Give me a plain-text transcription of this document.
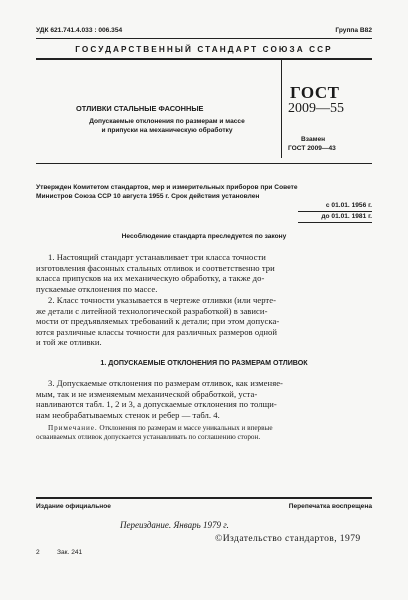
УДК 621.741.4.033 : 006.354	Группа В82
ГОСУДАРСТВЕННЫЙ СТАНДАРТ СОЮЗА ССР
ОТЛИВКИ СТАЛЬНЫЕ ФАСОННЫЕ
Допускаемые отклонения по размерам и массе
и припуски на механическую обработку
ГОСТ
2009—55
Взамен
ГОСТ 2009—43
Утвержден Комитетом стандартов, мер и измерительных приборов при Совете
Министров Союза ССР 10 августа 1955 г. Срок действия установлен
с 01.01. 1956 г.
до 01.01. 1981 г.
Несоблюдение стандарта преследуется по закону
1. Настоящий стандарт устанавливает три класса точности
изготовления фасонных стальных отливок и соответственно три
класса припусков на их механическую обработку, а также до-
пускаемые отклонения по массе.
2. Класс точности указывается в чертеже отливки (или черте-
же детали с литейной технологической разработкой) в зависи-
мости от предъявляемых требований к детали; при этом допуска-
ются различные классы точности для различных размеров одной
и той же отливки.
1. ДОПУСКАЕМЫЕ ОТКЛОНЕНИЯ ПО РАЗМЕРАМ ОТЛИВОК
3. Допускаемые отклонения по размерам отливок, как изменяе-
мым, так и не изменяемым механической обработкой, уста-
навливаются табл. 1, 2 и 3, а допускаемые отклонения по толщи-
нам необрабатываемых стенок и ребер — табл. 4.
Примечание. Отклонения по размерам и массе уникальных и впервые
осваиваемых отливок допускается устанавливать по соглашению сторон.
Издание официальное	Перепечатка воспрещена
Переиздание. Январь 1979 г.
2	Зак. 241
©Издательство стандартов, 1979
